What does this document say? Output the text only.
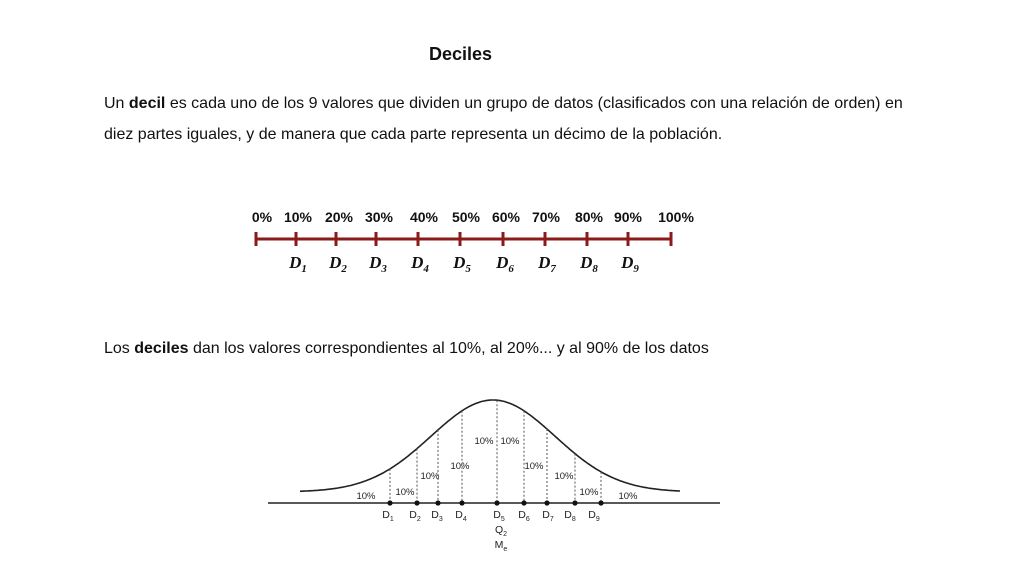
Deciles
Un decil es cada uno de los 9 valores que dividen un grupo de datos (clasificados con una relación de orden) en diez partes iguales, y de manera que cada parte representa un décimo de la población.
0% 10% 20% 30% 40% 50% 60% 70% 80% 90% 100%
$D_1$ $D_2$ $D_3$ $D_4$ $D_5$ $D_6$ $D_7$ $D_8$ $D_9$
10% 10%
10%
10%
10% 10%
10%
10%
10% 10%
$D_1$ $D_2$ $D_3$ $D_4$	$D_5$ $D_6$ $D_7$ $D_8$ $D_9$
$Q_2$
$M_e$
Los deciles dan los valores correspondientes al 10%, al 20%... y al 90% de los datos
